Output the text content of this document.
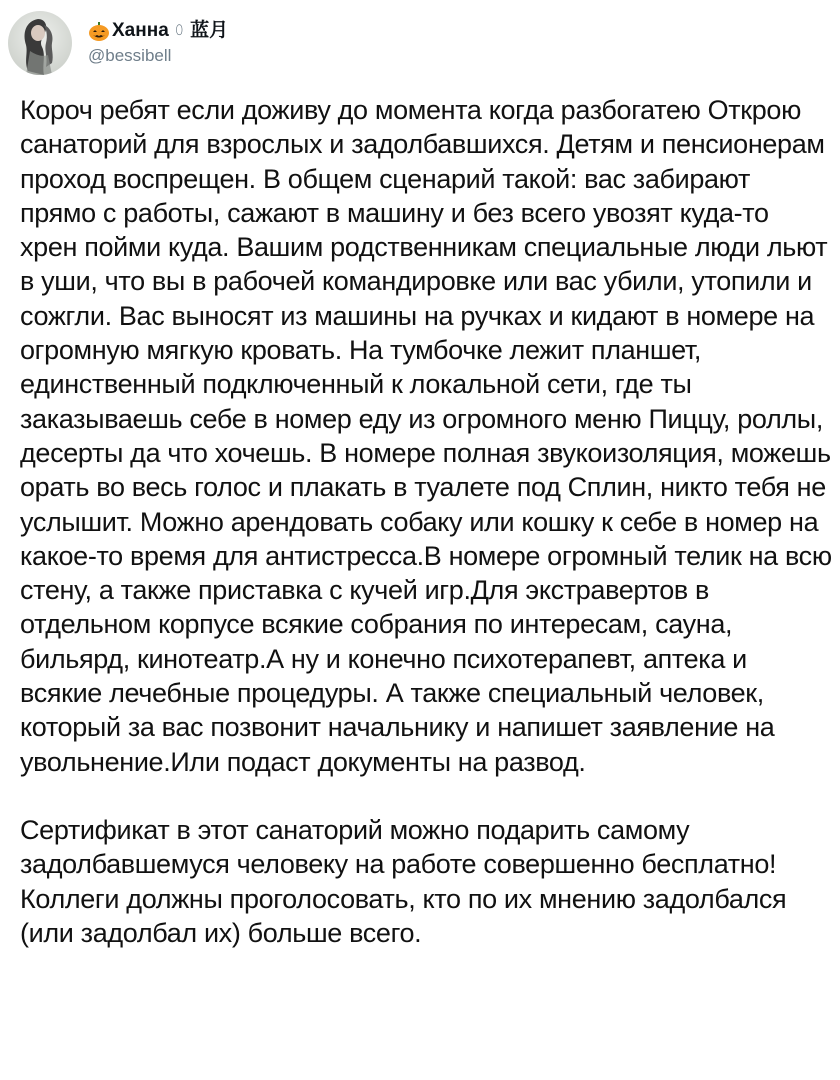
Ханна ꄲ 蓝月
@bessibell

Короч ребят если доживу до момента когда разбогатею Открою санаторий для взрослых и задолбавшихся. Детям и пенсионерам проход воспрещен. В общем сценарий такой: вас забирают прямо с работы, сажают в машину и без всего увозят куда-то хрен пойми куда. Вашим родственникам специальные люди льют в уши, что вы в рабочей командировке или вас убили, утопили и сожгли. Вас выносят из машины на ручках и кидают в номере на огромную мягкую кровать. На тумбочке лежит планшет, единственный подключенный к локальной сети, где ты заказываешь себе в номер еду из огромного меню Пиццу, роллы, десерты да что хочешь. В номере полная звукоизоляция, можешь орать во весь голос и плакать в туалете под Сплин, никто тебя не услышит. Можно арендовать собаку или кошку к себе в номер на какое-то время для антистресса.В номере огромный телик на всю стену, а также приставка с кучей игр.Для экстравертов в отдельном корпусе всякие собрания по интересам, сауна, бильярд, кинотеатр.А ну и конечно психотерапевт, аптека и всякие лечебные процедуры. А также специальный человек, который за вас позвонит начальнику и напишет заявление на увольнение.Или подаст документы на развод.

Сертификат в этот санаторий можно подарить самому задолбавшемуся человеку на работе совершенно бесплатно! Коллеги должны проголосовать, кто по их мнению задолбался (или задолбал их) больше всего.
